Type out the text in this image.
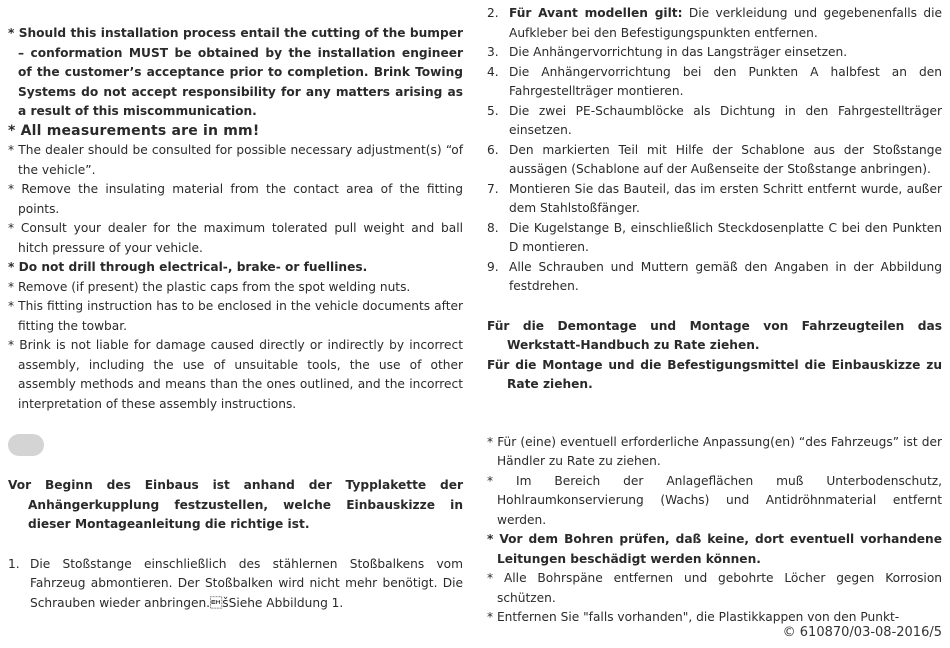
* Should this installation process entail the cutting of the bumper – conformation MUST be obtained by the installation engineer of the customer’s acceptance prior to completion. Brink Towing Systems do not accept responsibility for any matters arising as a result of this miscommunication.

* All measurements are in mm!

* The dealer should be consulted for possible necessary adjustment(s) “of the vehicle”.

* Remove the insulating material from the contact area of the fitting points.

* Consult your dealer for the maximum tolerated pull weight and ball hitch pressure of your vehicle.

* Do not drill through electrical-, brake- or fuellines.

* Remove (if present) the plastic caps from the spot welding nuts.

* This fitting instruction has to be enclosed in the vehicle documents after fitting the towbar.

* Brink is not liable for damage caused directly or indirectly by incorrect assembly, including the use of unsuitable tools, the use of other assembly methods and means than the ones outlined, and the incorrect interpretation of these assembly instructions.

Vor Beginn des Einbaus ist anhand der Typplakette der Anhängerkupplung festzustellen, welche Einbauskizze in dieser Montageanleitung die richtige ist.

1. Die Stoßstange einschließlich des stählernen Stoßbalkens vom Fahrzeug abmontieren. Der Stoßbalken wird nicht mehr benötigt. Die Schrauben wieder anbringen.šSiehe Abbildung 1.
2. Für Avant modellen gilt: Die verkleidung und gegebenenfalls die Aufkleber bei den Befestigungspunkten entfernen.
3. Die Anhängervorrichtung in das Langsträger einsetzen.
4. Die Anhängervorrichtung bei den Punkten A halbfest an den Fahrgestellträger montieren.
5. Die zwei PE-Schaumblöcke als Dichtung in den Fahrgestellträger einsetzen.
6. Den markierten Teil mit Hilfe der Schablone aus der Stoßstange aussägen (Schablone auf der Außenseite der Stoßstange anbringen).
7. Montieren Sie das Bauteil, das im ersten Schritt entfernt wurde, außer dem Stahlstoßfänger.
8. Die Kugelstange B, einschließlich Steckdosenplatte C bei den Punkten D montieren.
9. Alle Schrauben und Muttern gemäß den Angaben in der Abbildung festdrehen.

Für die Demontage und Montage von Fahrzeugteilen das Werkstatt-Handbuch zu Rate ziehen.

Für die Montage und die Befestigungsmittel die Einbauskizze zu Rate ziehen.

* Für (eine) eventuell erforderliche Anpassung(en) “des Fahrzeugs” ist der Händler zu Rate zu ziehen.

* Im Bereich der Anlageflächen muß Unterbodenschutz, Hohlraumkonservierung (Wachs) und Antidröhnmaterial entfernt werden.

* Vor dem Bohren prüfen, daß keine, dort eventuell vorhandene Leitungen beschädigt werden können.

* Alle Bohrspäne entfernen und gebohrte Löcher gegen Korrosion schützen.

* Entfernen Sie "falls vorhanden", die Plastikkappen von den Punkt-

© 610870/03-08-2016/5
